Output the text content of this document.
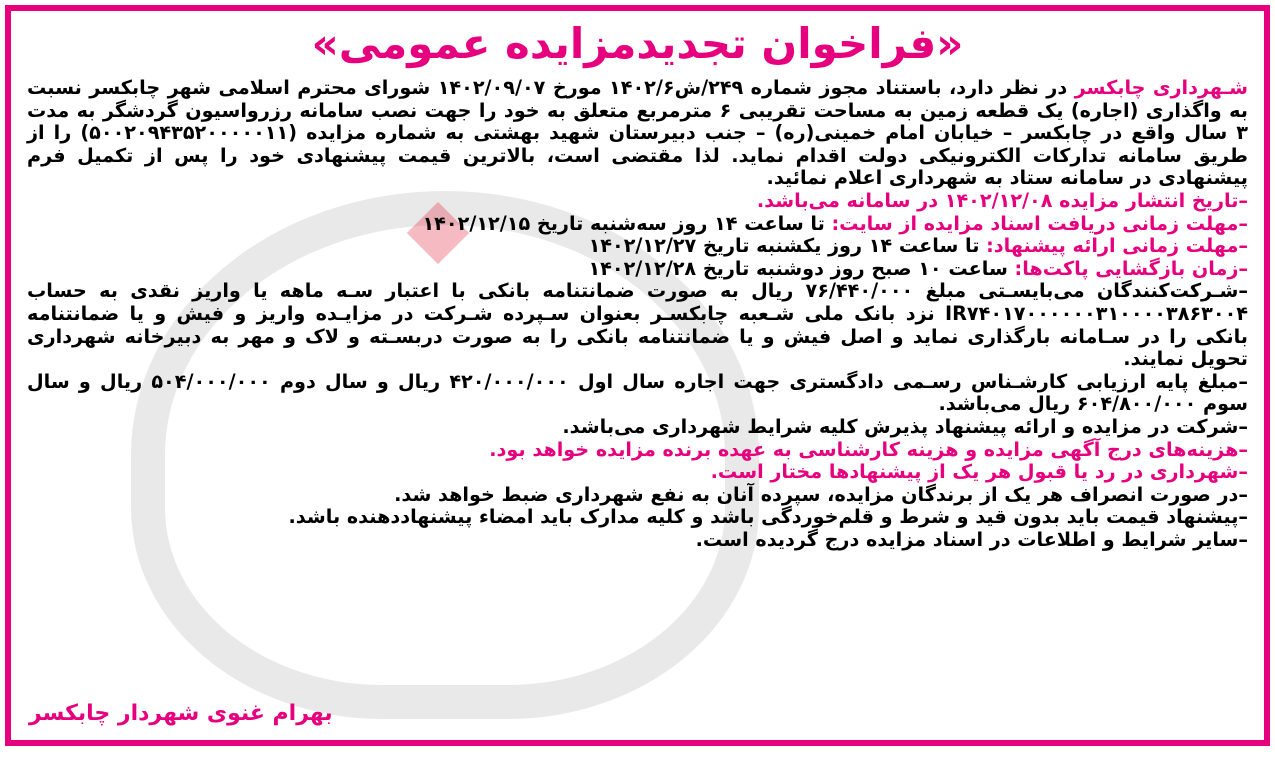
«فراخوان تجدیدمزایده عمومی»

شـهرداری چابکسر در نظر دارد، باستناد مجوز شماره ۲۴۹/ش۱۴۰۲/۶ مورخ ۱۴۰۲/۰۹/۰۷ شورای محترم اسلامی شهر چابکسر نسبت به واگذاری (اجاره) یک قطعه زمین به مساحت تقریبی ۶ مترمربع متعلق به خود را جهت نصب سامانه رزرواسیون گردشگر به مدت ۳ سال واقع در چابکسر – خیابان امام خمینی(ره) – جنب دبیرستان شهید بهشتی به شماره مزایده (۵۰۰۲۰۹۴۳۵۲۰۰۰۰۰۱۱) را از طریق سامانه تدارکات الکترونیکی دولت اقدام نماید. لذا مقتضی است، بالاترین قیمت پیشنهادی خود را پس از تکمیل فرم پیشنهادی در سامانه ستاد به شهرداری اعلام نمائید.

–تاریخ انتشار مزایده ۱۴۰۲/۱۲/۰۸ در سامانه می‌باشد.

–مهلت زمانی دریافت اسناد مزایده از سایت: تا ساعت ۱۴ روز سه‌شنبه تاریخ ۱۴۰۲/۱۲/۱۵

–مهلت زمانی ارائه پیشنهاد: تا ساعت ۱۴ روز یکشنبه تاریخ ۱۴۰۲/۱۲/۲۷

–زمان بازگشایی پاکت‌ها: ساعت ۱۰ صبح روز دوشنبه تاریخ ۱۴۰۲/۱۲/۲۸

–شـرکت‌کنندگان می‌بایسـتی مبلغ ۷۶/۴۴۰/۰۰۰ ریال به صورت ضمانتنامه بانکی با اعتبار سـه ماهه یا واریز نقدی به حساب IR۷۴۰۱۷۰۰۰۰۰۰۳۱۰۰۰۰۳۸۶۳۰۰۴ نزد بانک ملی شـعبه چابکسـر بعنوان سـپرده شـرکت در مزایـده واریز و فیش و یا ضمانتنامه بانکی را در سـامانه بارگذاری نماید و اصل فیش و یا ضمانتنامه بانکی را به صورت دربسـته و لاک و مهر به دبیرخانه شهرداری تحویل نمایند.

–مبلغ پایه ارزیابی کارشـناس رسـمی دادگستری جهت اجاره سال اول ۴۲۰/۰۰۰/۰۰۰ ریال و سال دوم ۵۰۴/۰۰۰/۰۰۰ ریال و سال سوم ۶۰۴/۸۰۰/۰۰۰ ریال می‌باشد.

–شرکت در مزایده و ارائه پیشنهاد پذیرش کلیه شرایط شهرداری می‌باشد.

–هزینه‌های درج آگهی مزایده و هزینه کارشناسی به عهده برنده مزایده خواهد بود.

–شهرداری در رد یا قبول هر یک از پیشنهادها مختار است.

–در صورت انصراف هر یک از برندگان مزایده، سپرده آنان به نفع شهرداری ضبط خواهد شد.

–پیشنهاد قیمت باید بدون قید و شرط و قلم‌خوردگی باشد و کلیه مدارک باید امضاء پیشنهاددهنده باشد.

–سایر شرایط و اطلاعات در اسناد مزایده درج گردیده است.

بهرام غنوی شهردار چابکسر
